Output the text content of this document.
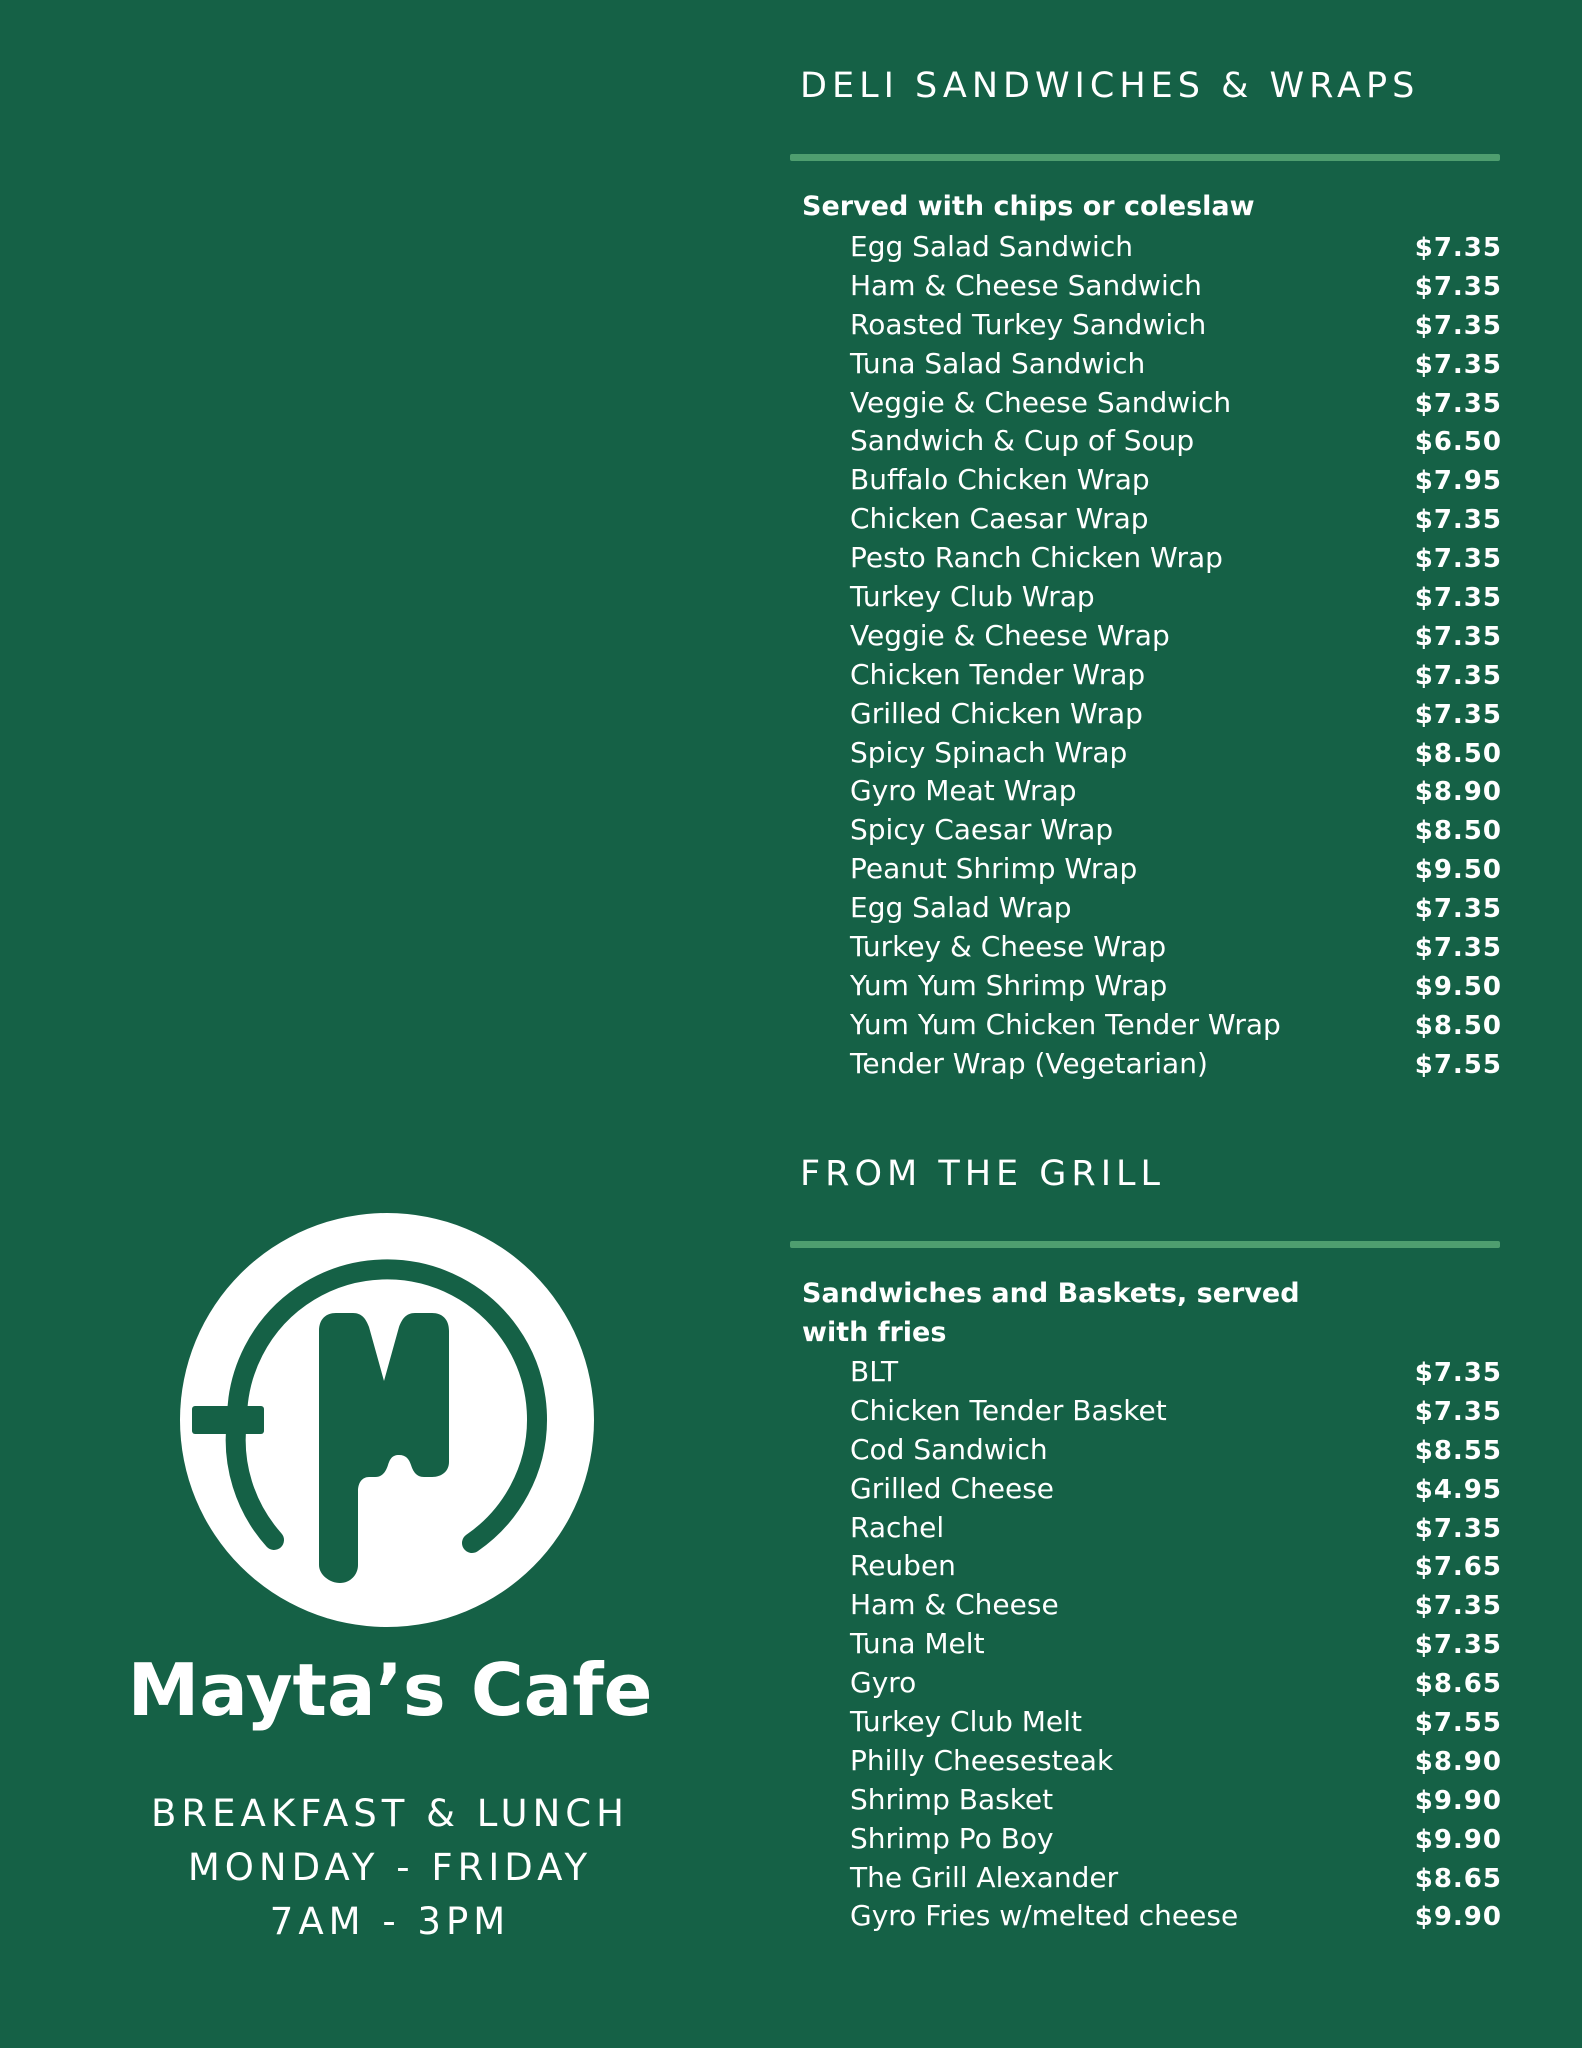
DELI SANDWICHES & WRAPS
Served with chips or coleslaw
Egg Salad Sandwich	$7.35
Ham & Cheese Sandwich	$7.35
Roasted Turkey Sandwich	$7.35
Tuna Salad Sandwich	$7.35
Veggie & Cheese Sandwich	$7.35
Sandwich & Cup of Soup	$6.50
Buffalo Chicken Wrap	$7.95
Chicken Caesar Wrap	$7.35
Pesto Ranch Chicken Wrap	$7.35
Turkey Club Wrap	$7.35
Veggie & Cheese Wrap	$7.35
Chicken Tender Wrap	$7.35
Grilled Chicken Wrap	$7.35
Spicy Spinach Wrap	$8.50
Gyro Meat Wrap	$8.90
Spicy Caesar Wrap	$8.50
Peanut Shrimp Wrap	$9.50
Egg Salad Wrap	$7.35
Turkey & Cheese Wrap	$7.35
Yum Yum Shrimp Wrap	$9.50
Yum Yum Chicken Tender Wrap	$8.50
Tender Wrap (Vegetarian)	$7.55
FROM THE GRILL
Sandwiches and Baskets, served with fries
BLT	$7.35
Chicken Tender Basket	$7.35
Cod Sandwich	$8.55
Grilled Cheese	$4.95
Rachel	$7.35
Reuben	$7.65
Ham & Cheese	$7.35
Tuna Melt	$7.35
Gyro	$8.65
Turkey Club Melt	$7.55
Philly Cheesesteak	$8.90
Shrimp Basket	$9.90
Shrimp Po Boy	$9.90
The Grill Alexander	$8.65
Gyro Fries w/melted cheese	$9.90
Mayta’s Cafe
BREAKFAST & LUNCH
MONDAY - FRIDAY
7AM - 3PM
